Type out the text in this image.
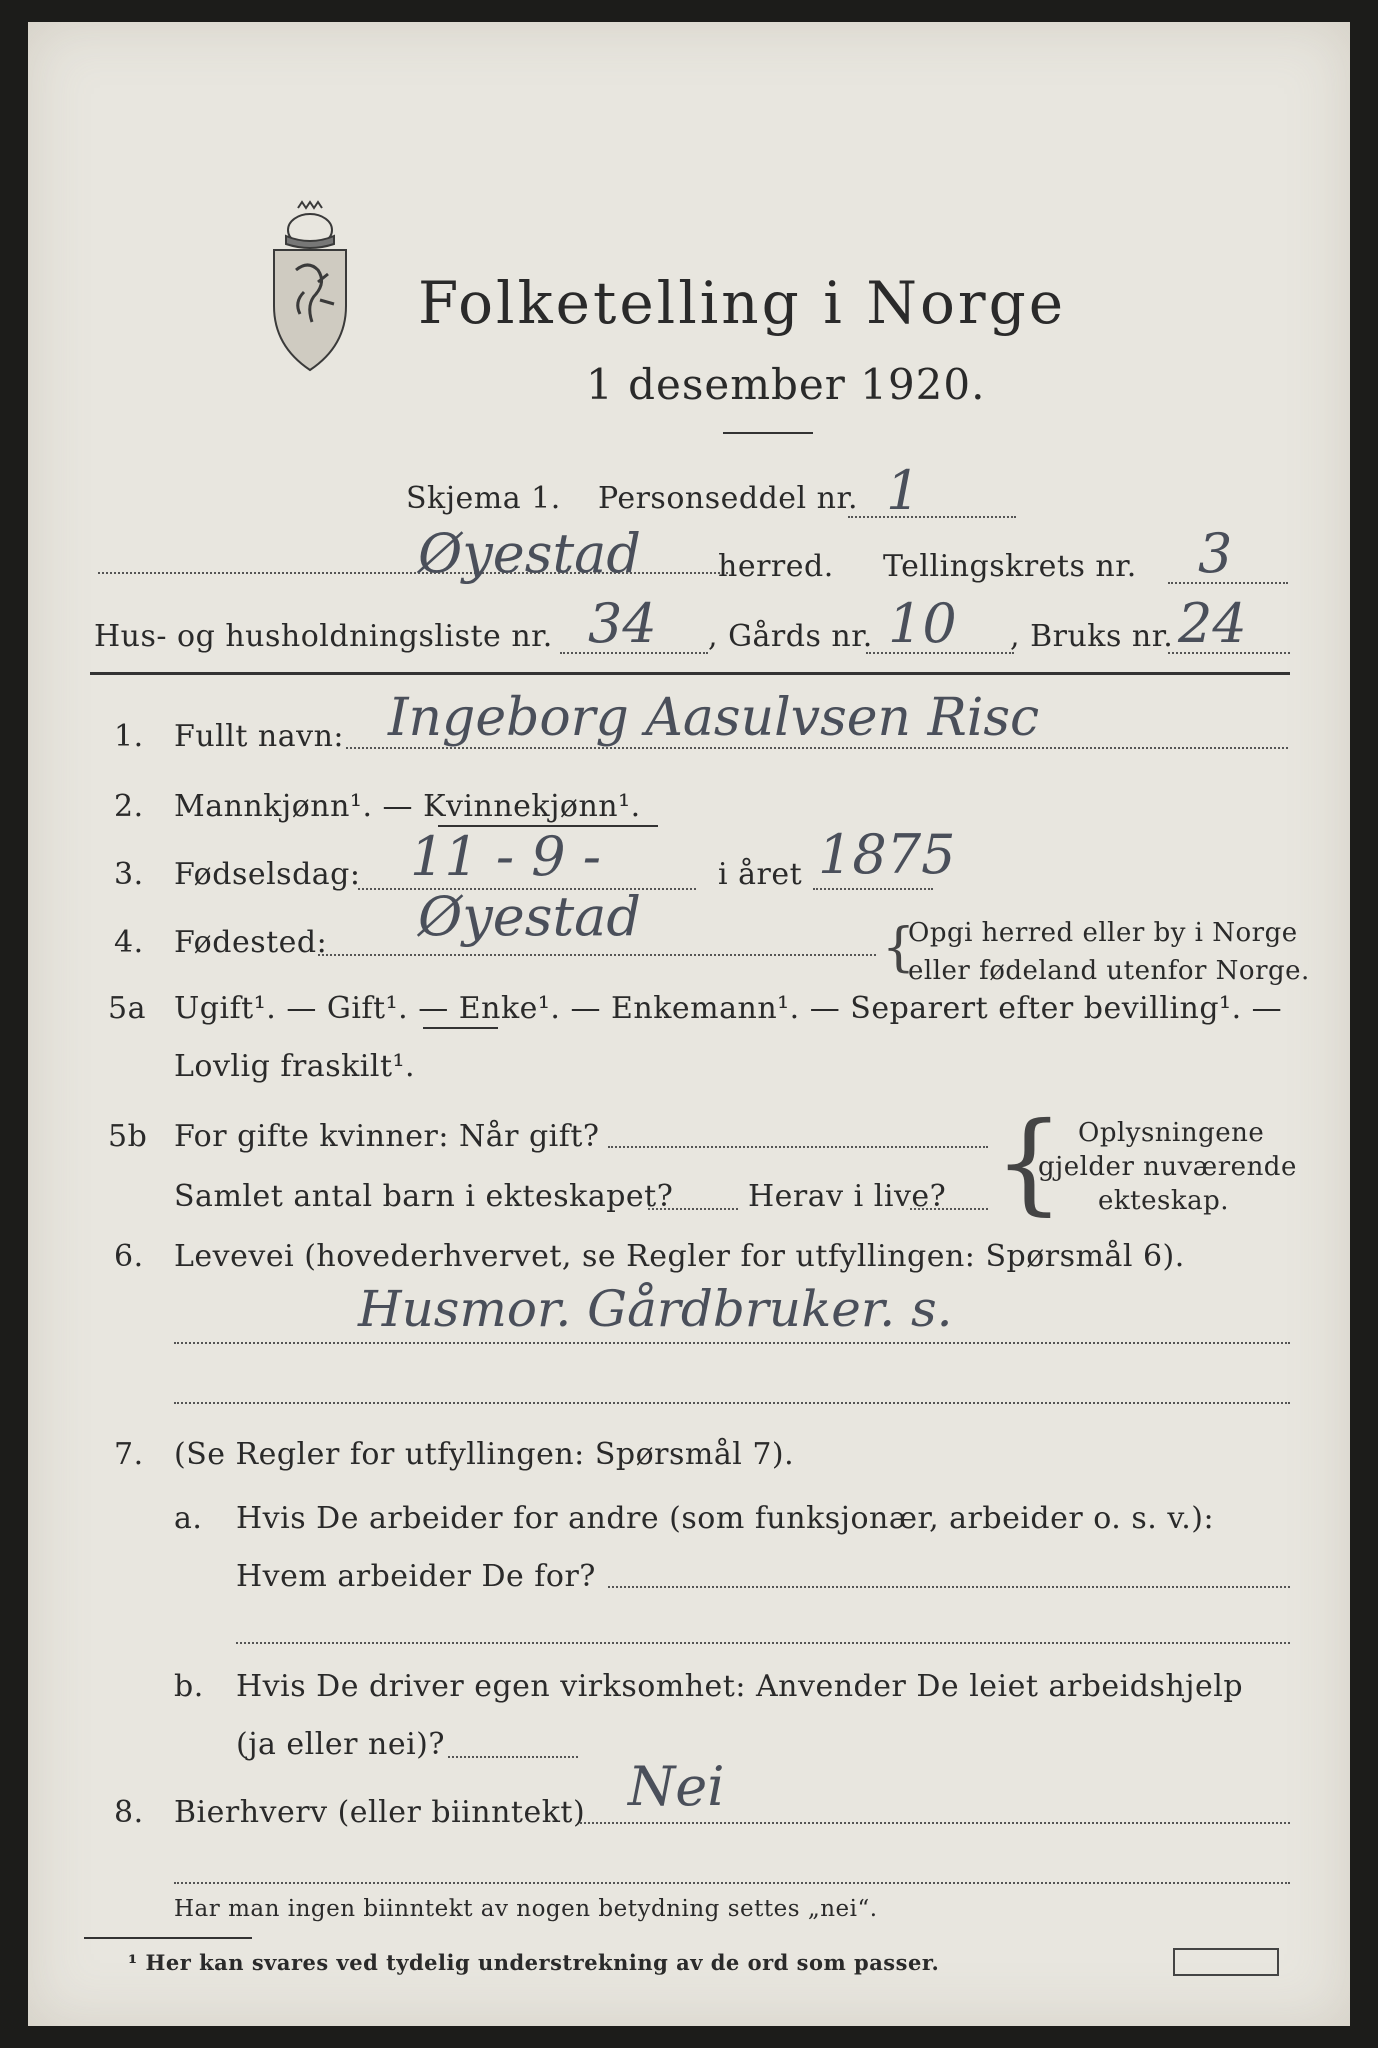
Folketelling i Norge
1 desember 1920.
Skjema 1. Personseddel nr. 1
Øyestad	herred. Tellingskrets nr. 3
Hus- og husholdningsliste nr. 34 , Gårds nr. 10 , Bruks nr. 24
1. Fullt navn: Ingeborg Aasulvsen Risc
2. Mannkjønn¹. — Kvinnekjønn¹.
3. Fødselsdag: 11 - 9 -	i året 1875
4. Fødested: Øyestad	{
Opgi herred eller by i Norge
eller fødeland utenfor Norge.
5a Ugift¹. — Gift¹. — Enke¹. — Enkemann¹. — Separert efter bevilling¹. —
Lovlig fraskilt¹.
5b For gifte kvinner: Når gift?
Samlet antal barn i ekteskapet? Herav i live? { Oplysningene
gjelder nuværende
ekteskap.
6. Levevei (hovederhvervet, se Regler for utfyllingen: Spørsmål 6).
Husmor. Gårdbruker. s.
7. (Se Regler for utfyllingen: Spørsmål 7).
a. Hvis De arbeider for andre (som funksjonær, arbeider o. s. v.):
Hvem arbeider De for?
b. Hvis De driver egen virksomhet: Anvender De leiet arbeidshjelp
(ja eller nei)?
8. Bierhverv (eller biinntekt) Nei
Har man ingen biinntekt av nogen betydning settes „nei“.
¹ Her kan svares ved tydelig understrekning av de ord som passer.
